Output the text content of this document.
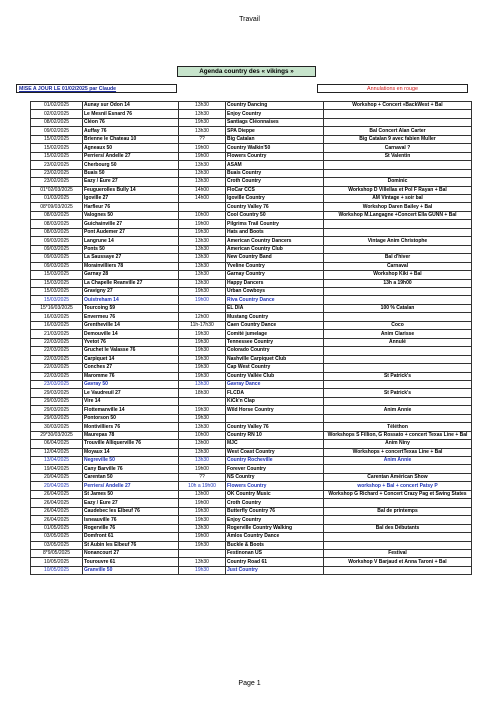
Travail
Agenda country des « vikings »
MISE A JOUR LE 01/02/2025 par Claude	Annulations en rouge
01/02/2025	Aunay sur Odon 14	13h30	Country Dancing	Workshop + Concert «BackWest + Bal
02/02/2025	Le Mesnil Esnard 76	13h30	Enjoy Country	
08/02/2025	Cléon 76	19h30	Santiags Cléonnaises	
09/02/2025	Auffay 76	13h30	SPA Dieppe	Bal Concert Alan Carter
15/02/2025	Brienne le Chateau 10	??	Big Catalan	Big Catalan 9 avec fabien Muller
15/02/2025	Agneaux 50	19h00	Country Walkin'50	Carnaval ?
15/02/2025	Perriers/ Andelle 27	19h00	Flowers Country	St Valentin
23/02/2025	Cherbourg 50	13h30	ASAM	
23/02/2025	Buais 50	13h30	Buais Country	
23/02/2025	Eazy / Eure 27	13h30	Croth Country	Dominic
01*02/03/2025	Feuguerolles Bully 14	14h00	FloCar CCS	Workshop D Villellas et Pol F Rayan + Bal
01/03/2025	Igoville 27	14h00	Igoville Country	AM Vintage + soir bal
08*09/03/2025	Harfleur 76		Country Valley 76	Workshop Daren Bailey + Bal
08/03/2025	Valognes 50	10h00	Cool Country 50	Workshop M.Langagne +Concert Ella GUNN + Bal
08/03/2025	Guichainville 27	19h00	Pilgrims Trail Country	
08/03/2025	Pont Audemer 27	19h30	Hats and Boots	
09/03/2025	Langrune 14	13h30	American Country Dancers	Vintage Anim Christophe
09/03/2025	Ponts 50	13h30	American Country Club	
09/03/2025	La Saussaye 27	13h30	New Country Band	Bal d'hiver
09/03/2025	Morainvilliers 78	13h30	Yveline Country	Carnaval
15/03/2025	Garnay 28	13h30	Garnay Country	Workshop Kiki + Bal
15/03/2025	La Chapelle Reanville 27	13h30	Happy Dancers	13h a 19h00
15/03/2025	Gravigny 27	19h30	Urban Cowboys	
15/03/2025	Ouistreham 14	19h00	Riva Country Dance	
15*16/03/2025	Tourcoing 59		EL DIA	100 % Catalan
16/03/2025	Envermeu 76	12h00	Mustang Country	
16/03/2025	Grentheville 14	11h-17h30	Caen Country Dance	Coco
21/03/2025	Demouville 14	19h30	Comité jumelage	Anim Clarisse
22/03/2025	Yvetot 76	19h30	Tennessee Country	Annulé
22/03/2025	Gruchet le Valasse 76	19h30	Colorado Country	
22/03/2025	Carpiquet 14	19h30	Nashville Carpiquet Club	
22/03/2025	Conches 27	19h30	Cap West Country	
22/03/2025	Maromme 76	19h30	Country Vallée Club	St Patrick's
23/03/2025	Gavray 50	13h30	Gavray Dance	
29/03/2025	Le Vaudreuil 27	18h30	FLCDA	St Patrick's
29/03/2025	Vire 14		KiCk'n Clap	
29/03/2025	Flottemanville 14	19h30	Wild Horse Country	Anim Annie
29/03/2025	Pontorson 50	19h30		
30/03/2025	Montivilliers 76	13h30	Country Valley 76	Téléthon
29*30/03/2025	Maurepas 78	10h00	Country RN 10	Workshops S Fillion, G Rossato + concert Texas Line + Bal
06/04/2025	Trouville Alliquerville 76	13h00	MJC	Anim Niny
12/04/2025	Moyaux 14	13h30	West Coast Country	Workshops + concertTexas Line + Bal
13/04/2025	Negreville 50	13h30	Country Rocheville	Anim Annie
19/04/2025	Cany Barville 76	19h00	Forever Country	
20/04/2025	Carentan 50	??	NS Country	Carentan Américan Show
20/04/2025	Perriers/ Andelle 27	10h a 19h00	Flowers Country	workshop + Bal + concert Patsy P
26/04/2025	St James 50	13h00	OK Country Music	Workshop G Richard + Concert Crazy Pag et Swing States
26/04/2025	Eazy / Eure 27	19h00	Croth Country	
26/04/2025	Caudebec les Elbeuf 76	19h30	Butterfly Country 76	Bal de printemps
26/04/2025	Isneauville 76	19h30	Enjoy Country	
01/05/2025	Rogerville 76	13h30	Rogerville Country Walking	Bal des Débutants
03/05/2025	Domfront 61	19h00	Amlos Country Dance	
03/05/2025	St Aubin les Elbeuf 76	19h30	Buckle & Boots	
8*9/05/2025	Nonancourt 27		Festinonan US	Festival
10/05/2025	Tourouvre 61	13h30	Country Road 61	Workshop V Barjaud et Anna Taroni + Bal
10/05/2025	Granville 50	19h30	Just Country	
Page 1
